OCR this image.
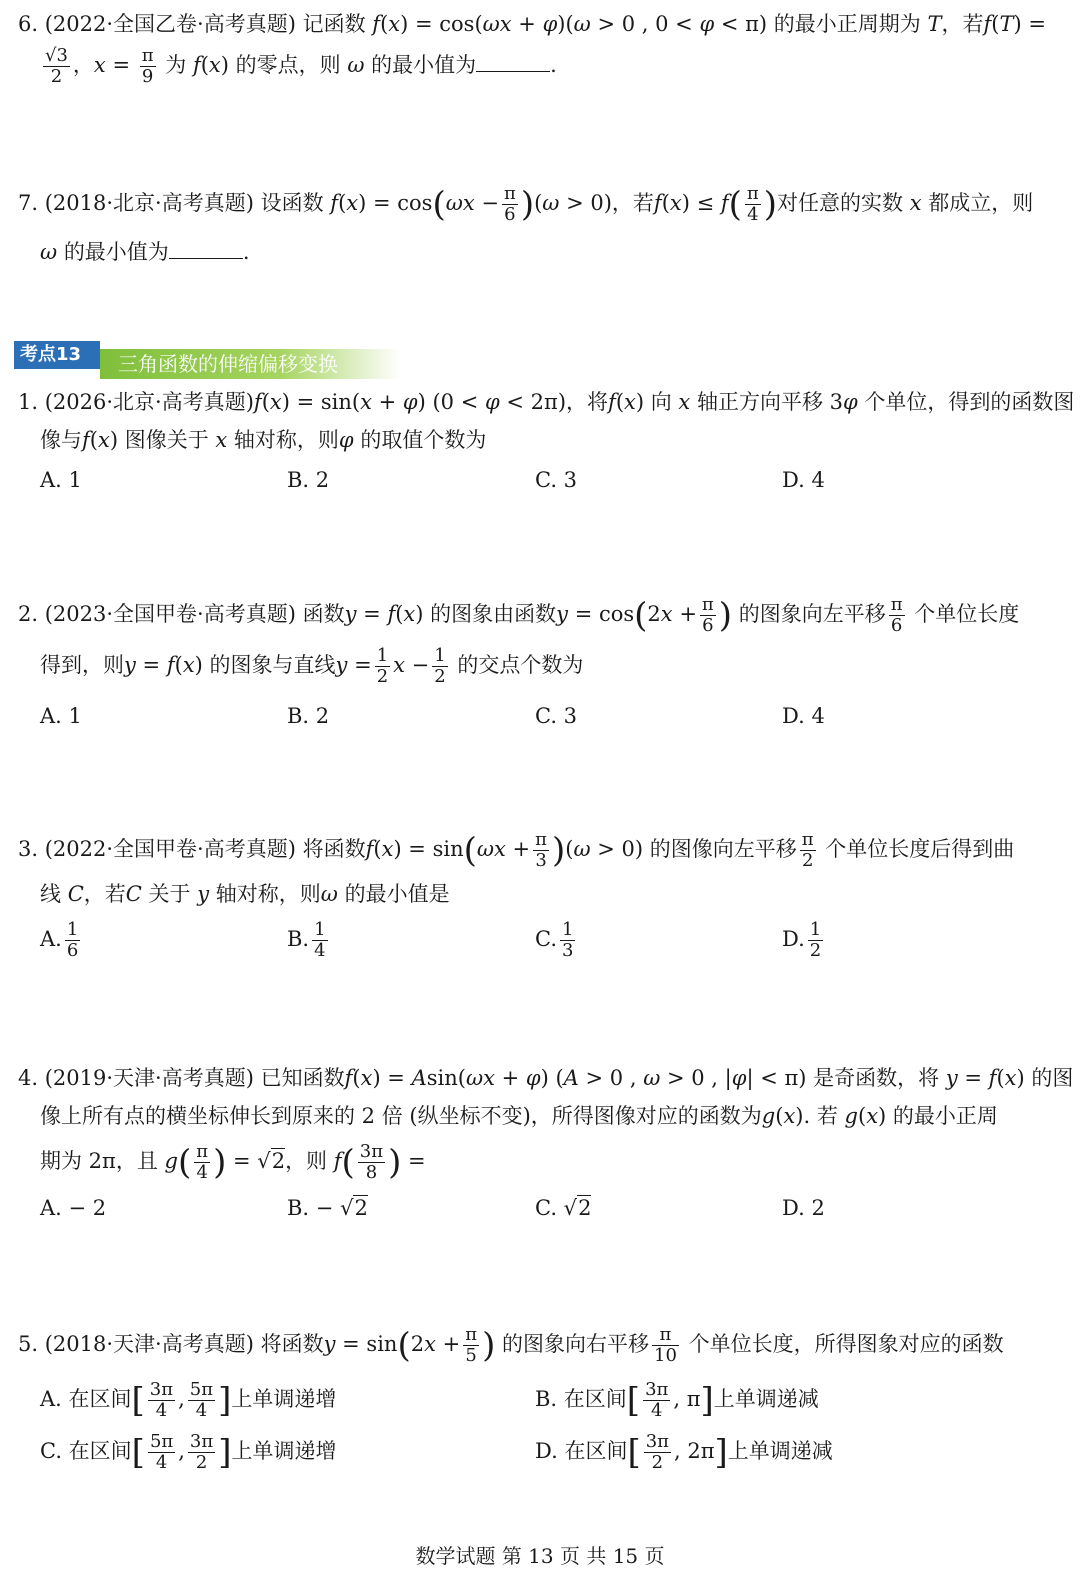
6. (2022·全国乙卷·高考真题) 记函数 f(x) = cos(ωx + φ)(ω > 0 , 0 < φ < π) 的最小正周期为 T，若f(T) =
$\frac{√3}{2}$ ，$x = \frac{\pi}{9}$ 为 f(x) 的零点，则 ω 的最小值为	.
7. (2018·北京·高考真题) 设函数 $f(x) = \cos(\omega x - \frac{\pi}{6} )(\omega > 0)$，若$f(x) \le f( \frac{\pi}{4}$ )对任意的实数 x 都成立，则
ω 的最小值为	.
三角函数的伸缩偏移变换
考点13
1. (2026·北京·高考真题)f(x) = sin(x + φ) (0 < φ < 2π)，将f(x) 向 x 轴正方向平移 3φ 个单位，得到的函数图
像与f(x) 图像关于 x 轴对称，则φ 的取值个数为
A. 1	B. 2	C. 3	D. 4
2. (2023·全国甲卷·高考真题) 函数y = f(x) 的图象由函数$y = \cos(2x + \frac{\pi}{6}$ ) 的图象向左平移 $\frac{\pi}{6}$ 个单位长度
得到，则y = f(x) 的图象与直线$y = \frac{1}{2}$ $x - \frac{1}{2}$ 的交点个数为
A. 1	B. 2	C. 3	D. 4
3. (2022·全国甲卷·高考真题) 将函数$f(x) = \sin(\omega x + \frac{\pi}{3} )(\omega > 0)$ 的图像向左平移 $\frac{\pi}{2}$ 个单位长度后得到曲
线 C，若C 关于 y 轴对称，则ω 的最小值是
A. $\frac{1}{6}$	B. $\frac{1}{4}$	C. $\frac{1}{3}$	D. $\frac{1}{2}$
4. (2019·天津·高考真题) 已知函数f(x) = Asin(ωx + φ) (A > 0 , ω > 0 , |φ| < π) 是奇函数，将 y = f(x) 的图
像上所有点的横坐标伸长到原来的 2 倍 (纵坐标不变)，所得图像对应的函数为g(x). 若 g(x) 的最小正周
期为 2π，且 $g( \frac{\pi}{4}$ ) = √2，则 $f( \frac{3\pi}{8}$ ) =
A. − 2	B. − √2	C. √2	D. 2
5. (2018·天津·高考真题) 将函数$y = \sin(2x + \frac{\pi}{5}$ ) 的图象向右平移 $\frac{\pi}{10}$ 个单位长度，所得图象对应的函数
A. 在区间[ $\frac{3\pi}{4}$ , $\frac{5\pi}{4}$ ]上单调递增	B. 在区间[ $\frac{3\pi}{4}$ , π]上单调递减
C. 在区间[ $\frac{5\pi}{4}$ , $\frac{3\pi}{2}$ ]上单调递增	D. 在区间[ $\frac{3\pi}{2}$ , 2π]上单调递减
数学试题 第 13 页 共 15 页
